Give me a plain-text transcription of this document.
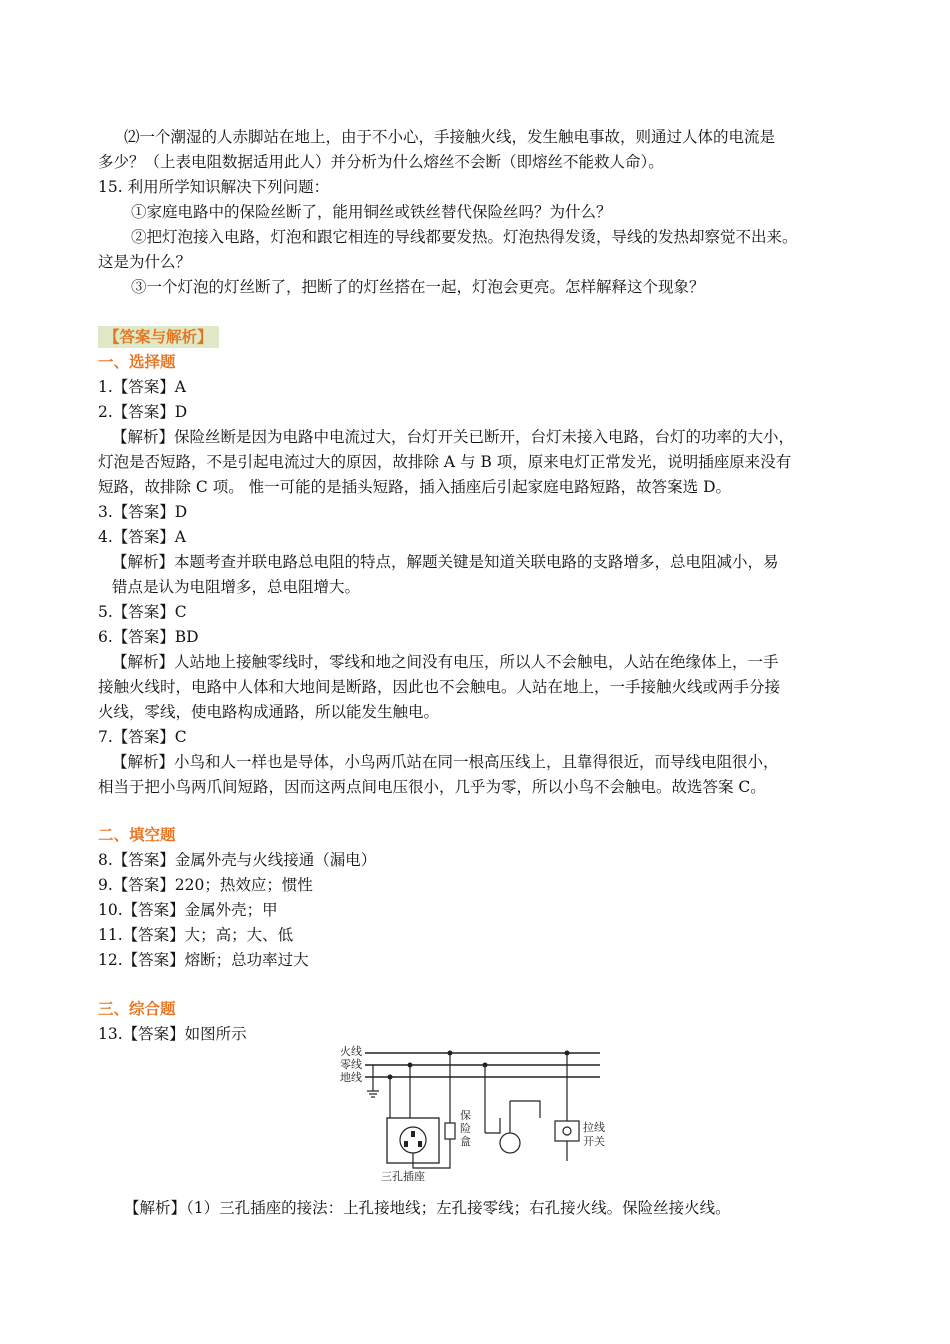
⑵一个潮湿的人赤脚站在地上，由于不小心，手接触火线，发生触电事故，则通过人体的电流是
多少？（上表电阻数据适用此人）并分析为什么熔丝不会断（即熔丝不能救人命）。
15. 利用所学知识解决下列问题：
①家庭电路中的保险丝断了，能用铜丝或铁丝替代保险丝吗？为什么？
②把灯泡接入电路，灯泡和跟它相连的导线都要发热。灯泡热得发烫，导线的发热却察觉不出来。
这是为什么？
③一个灯泡的灯丝断了，把断了的灯丝搭在一起，灯泡会更亮。怎样解释这个现象？
【答案与解析】
一、选择题
1.【答案】A
2.【答案】D
【解析】保险丝断是因为电路中电流过大，台灯开关已断开，台灯未接入电路，台灯的功率的大小，
灯泡是否短路，不是引起电流过大的原因，故排除 A 与 B 项，原来电灯正常发光，说明插座原来没有
短路，故排除 C 项。 惟一可能的是插头短路，插入插座后引起家庭电路短路，故答案选 D。
3.【答案】D
4.【答案】A
【解析】本题考查并联电路总电阻的特点，解题关键是知道关联电路的支路增多，总电阻减小，易
错点是认为电阻增多，总电阻增大。
5.【答案】C
6.【答案】BD
【解析】人站地上接触零线时，零线和地之间没有电压，所以人不会触电，人站在绝缘体上，一手
接触火线时，电路中人体和大地间是断路，因此也不会触电。人站在地上，一手接触火线或两手分接
火线，零线，使电路构成通路，所以能发生触电。
7.【答案】C
【解析】小鸟和人一样也是导体，小鸟两爪站在同一根高压线上，且靠得很近，而导线电阻很小，
相当于把小鸟两爪间短路，因而这两点间电压很小，几乎为零，所以小鸟不会触电。故选答案 C。
二、填空题
8.【答案】金属外壳与火线接通（漏电）
9.【答案】220；热效应；惯性
10.【答案】金属外壳；甲
11.【答案】大；高；大、低
12.【答案】熔断；总功率过大
三、综合题
13.【答案】如图所示
火线
零线
地线
三孔插座
保
险
盒
拉线
开关
【解析】（1）三孔插座的接法：上孔接地线；左孔接零线；右孔接火线。保险丝接火线。
